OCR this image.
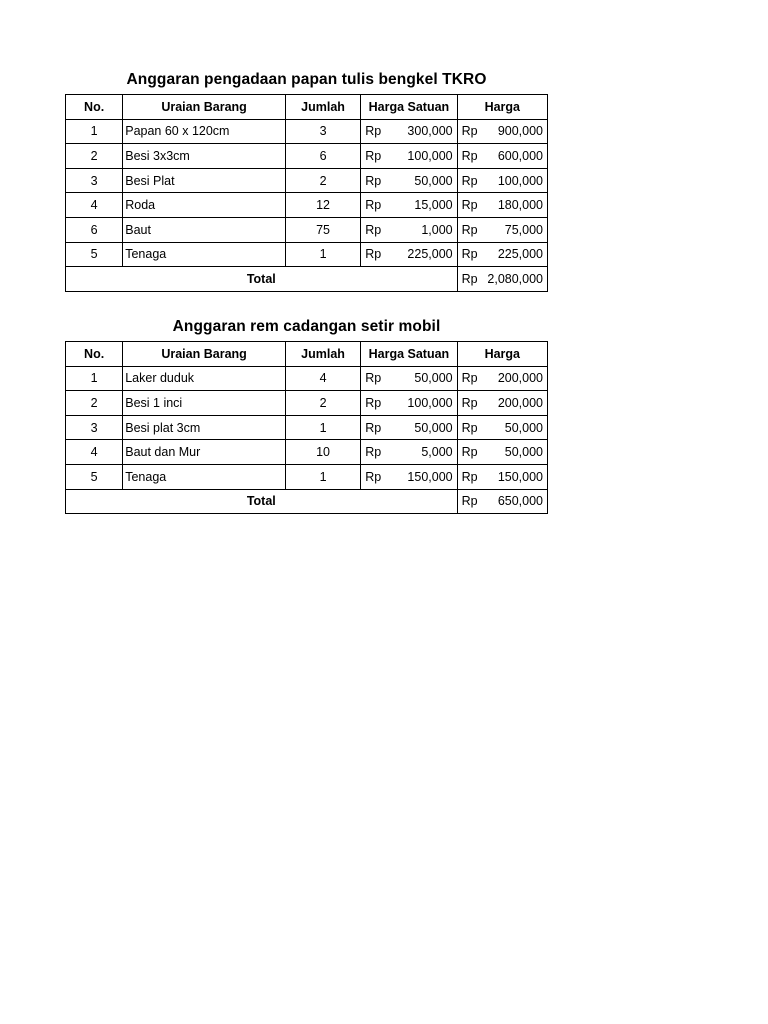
Anggaran pengadaan papan tulis bengkel TKRO
No.	Uraian Barang	Jumlah	Harga Satuan	Harga
1	Papan 60 x 120cm	3	Rp 300,000	Rp 900,000

2	Besi 3x3cm	6	Rp 100,000	Rp 600,000

3	Besi Plat	2	Rp 50,000	Rp 100,000

4	Roda	12	Rp 15,000	Rp 180,000

6	Baut	75	Rp 1,000	Rp 75,000

5	Tenaga	1	Rp 225,000	Rp 225,000

Total				Rp 2,080,000
Anggaran rem cadangan setir mobil
No.	Uraian Barang	Jumlah	Harga Satuan	Harga
1	Laker duduk	4	Rp 50,000	Rp 200,000

2	Besi 1 inci	2	Rp 100,000	Rp 200,000

3	Besi plat 3cm	1	Rp 50,000	Rp 50,000

4	Baut dan Mur	10	Rp 5,000	Rp 50,000

5	Tenaga	1	Rp 150,000	Rp 150,000

Total				Rp 650,000
